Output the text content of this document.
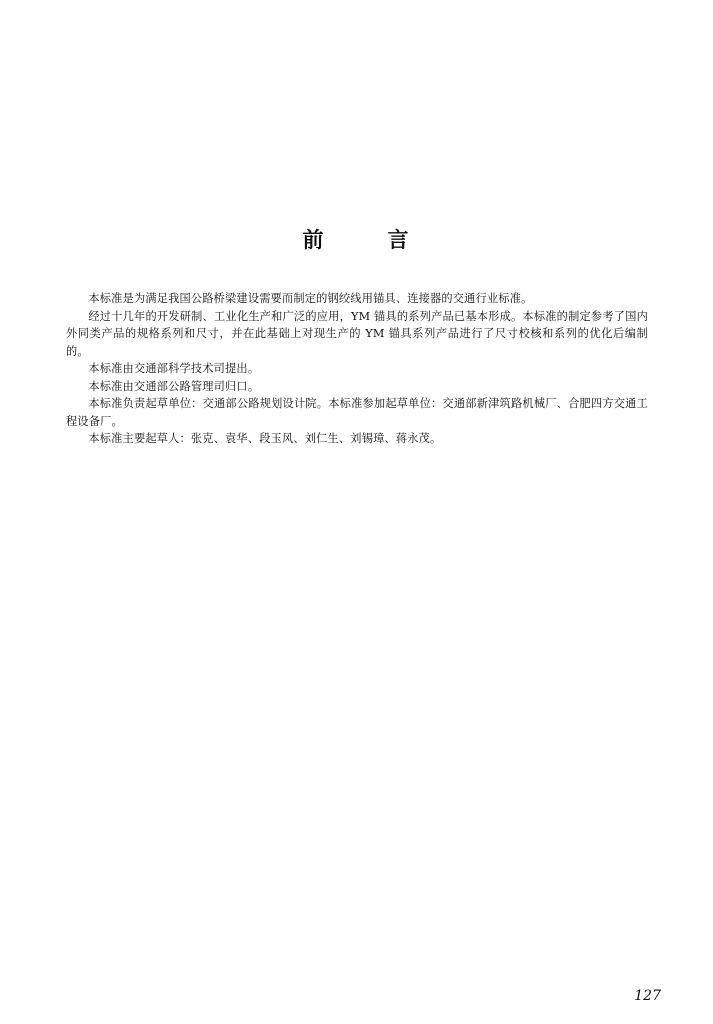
前	言

本标准是为满足我国公路桥梁建设需要而制定的钢绞线用锚具、连接器的交通行业标准。

经过十几年的开发研制、工业化生产和广泛的应用，YM 锚具的系列产品已基本形成。本标准的制定参考了国内外同类产品的规格系列和尺寸，并在此基础上对现生产的 YM 锚具系列产品进行了尺寸校核和系列的优化后编制的。

本标准由交通部科学技术司提出。

本标准由交通部公路管理司归口。

本标准负责起草单位：交通部公路规划设计院。本标准参加起草单位：交通部新津筑路机械厂、合肥四方交通工程设备厂。

本标准主要起草人：张克、袁华、段玉风、刘仁生、刘锡璋、蒋永茂。

127
